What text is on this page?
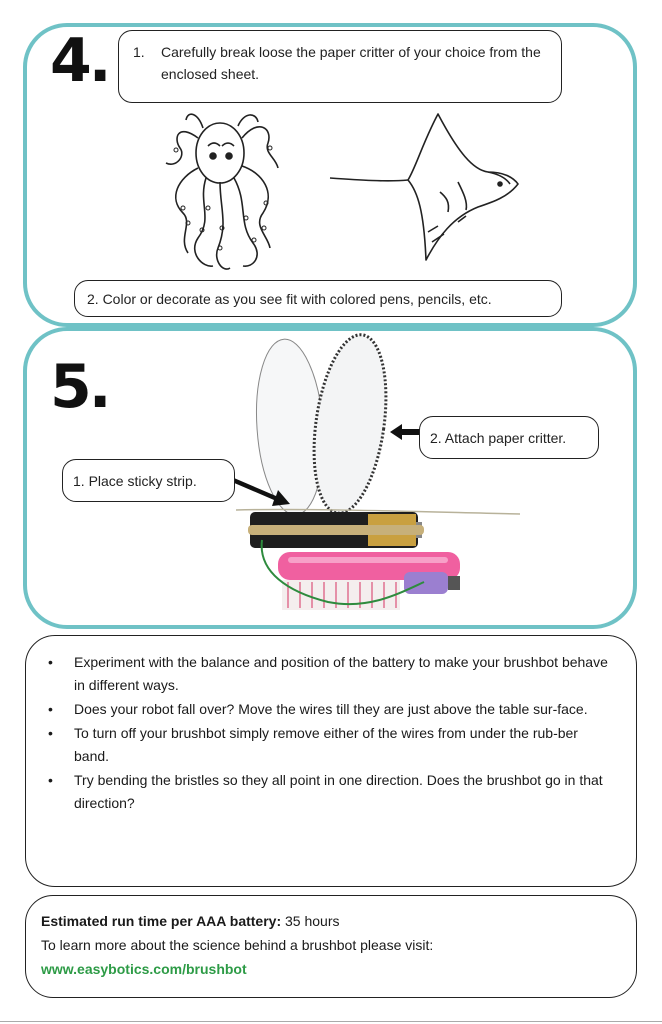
4. 1. Carefully break loose the paper critter of your choice from the enclosed sheet.
2. Color or decorate as you see fit with colored pens, pencils, etc.
5.
2. Attach paper critter.
1. Place sticky strip.
• Experiment with the balance and position of the battery to make your brushbot behave in different ways.
• Does your robot fall over? Move the wires till they are just above the table sur-face.
• To turn off your brushbot simply remove either of the wires from under the rub-ber band.
• Try bending the bristles so they all point in one direction. Does the brushbot go in that direction?
Estimated run time per AAA battery: 35 hours
To learn more about the science behind a brushbot please visit:
www.easybotics.com/brushbot
